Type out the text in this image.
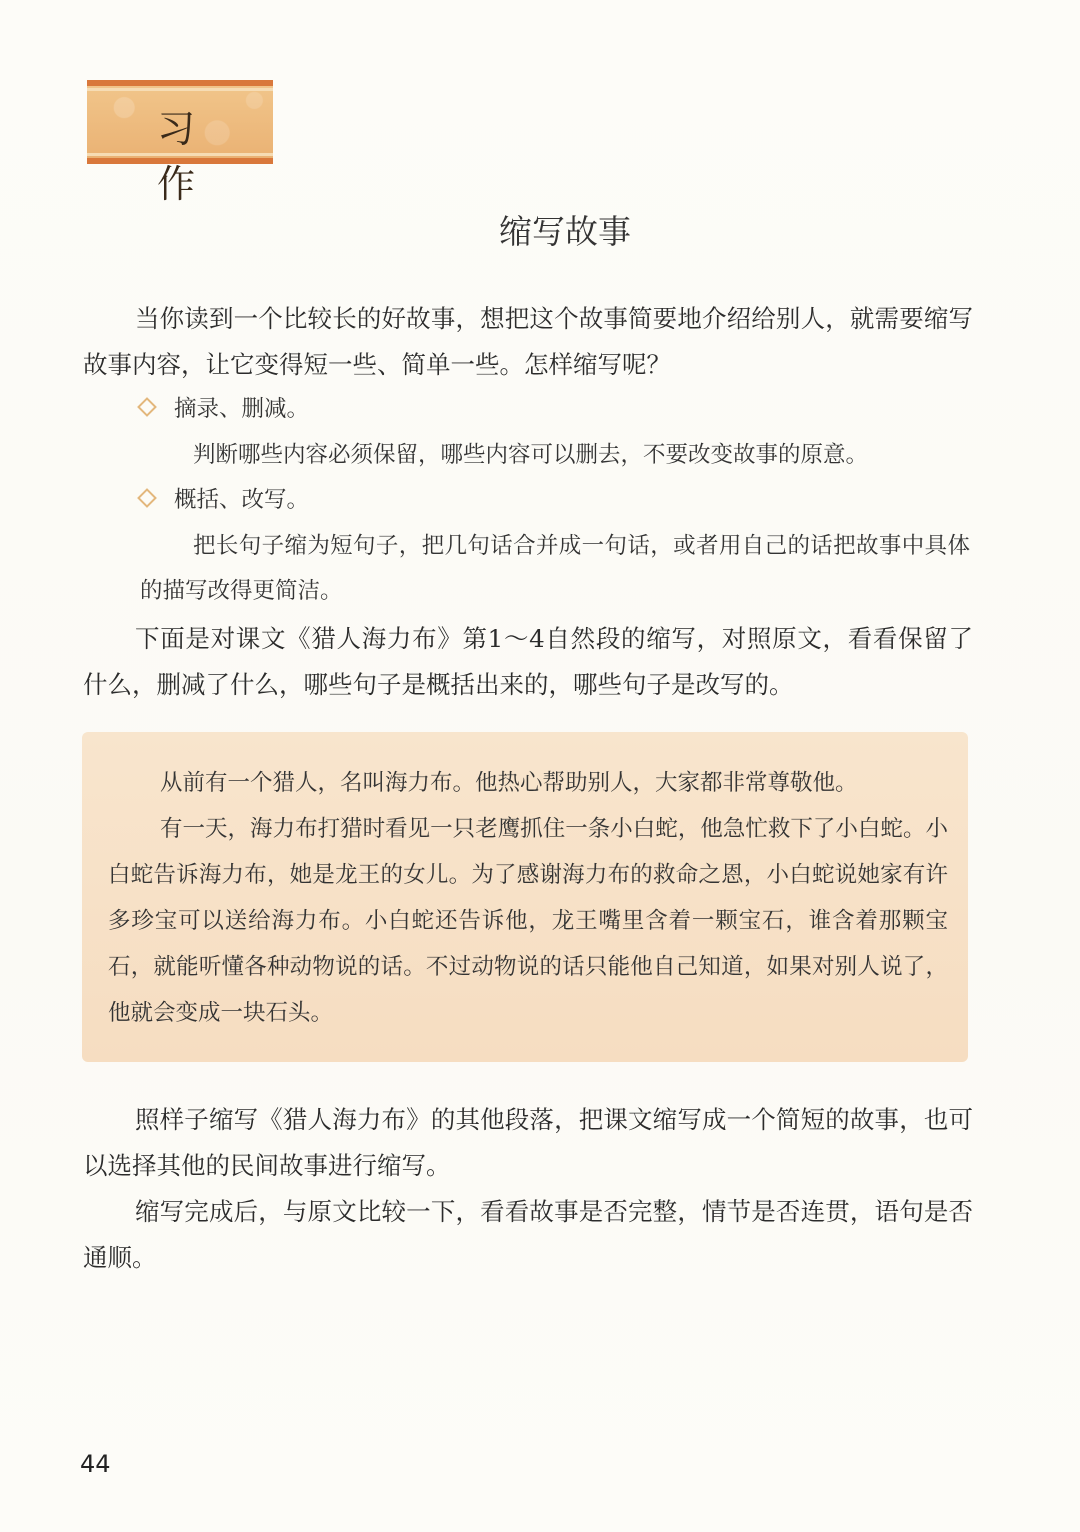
习 作
缩写故事

当你读到一个比较长的好故事，想把这个故事简要地介绍给别人，就需要缩写故事内容，让它变得短一些、简单一些。怎样缩写呢？

摘录、删减。

判断哪些内容必须保留，哪些内容可以删去，不要改变故事的原意。

概括、改写。

把长句子缩为短句子，把几句话合并成一句话，或者用自己的话把故事中具体的描写改得更简洁。

下面是对课文《猎人海力布》第1～4自然段的缩写，对照原文，看看保留了什么，删减了什么，哪些句子是概括出来的，哪些句子是改写的。

从前有一个猎人，名叫海力布。他热心帮助别人，大家都非常尊敬他。

有一天，海力布打猎时看见一只老鹰抓住一条小白蛇，他急忙救下了小白蛇。小白蛇告诉海力布，她是龙王的女儿。为了感谢海力布的救命之恩，小白蛇说她家有许多珍宝可以送给海力布。小白蛇还告诉他，龙王嘴里含着一颗宝石，谁含着那颗宝石，就能听懂各种动物说的话。不过动物说的话只能他自己知道，如果对别人说了，他就会变成一块石头。

照样子缩写《猎人海力布》的其他段落，把课文缩写成一个简短的故事，也可以选择其他的民间故事进行缩写。

缩写完成后，与原文比较一下，看看故事是否完整，情节是否连贯，语句是否通顺。

44
